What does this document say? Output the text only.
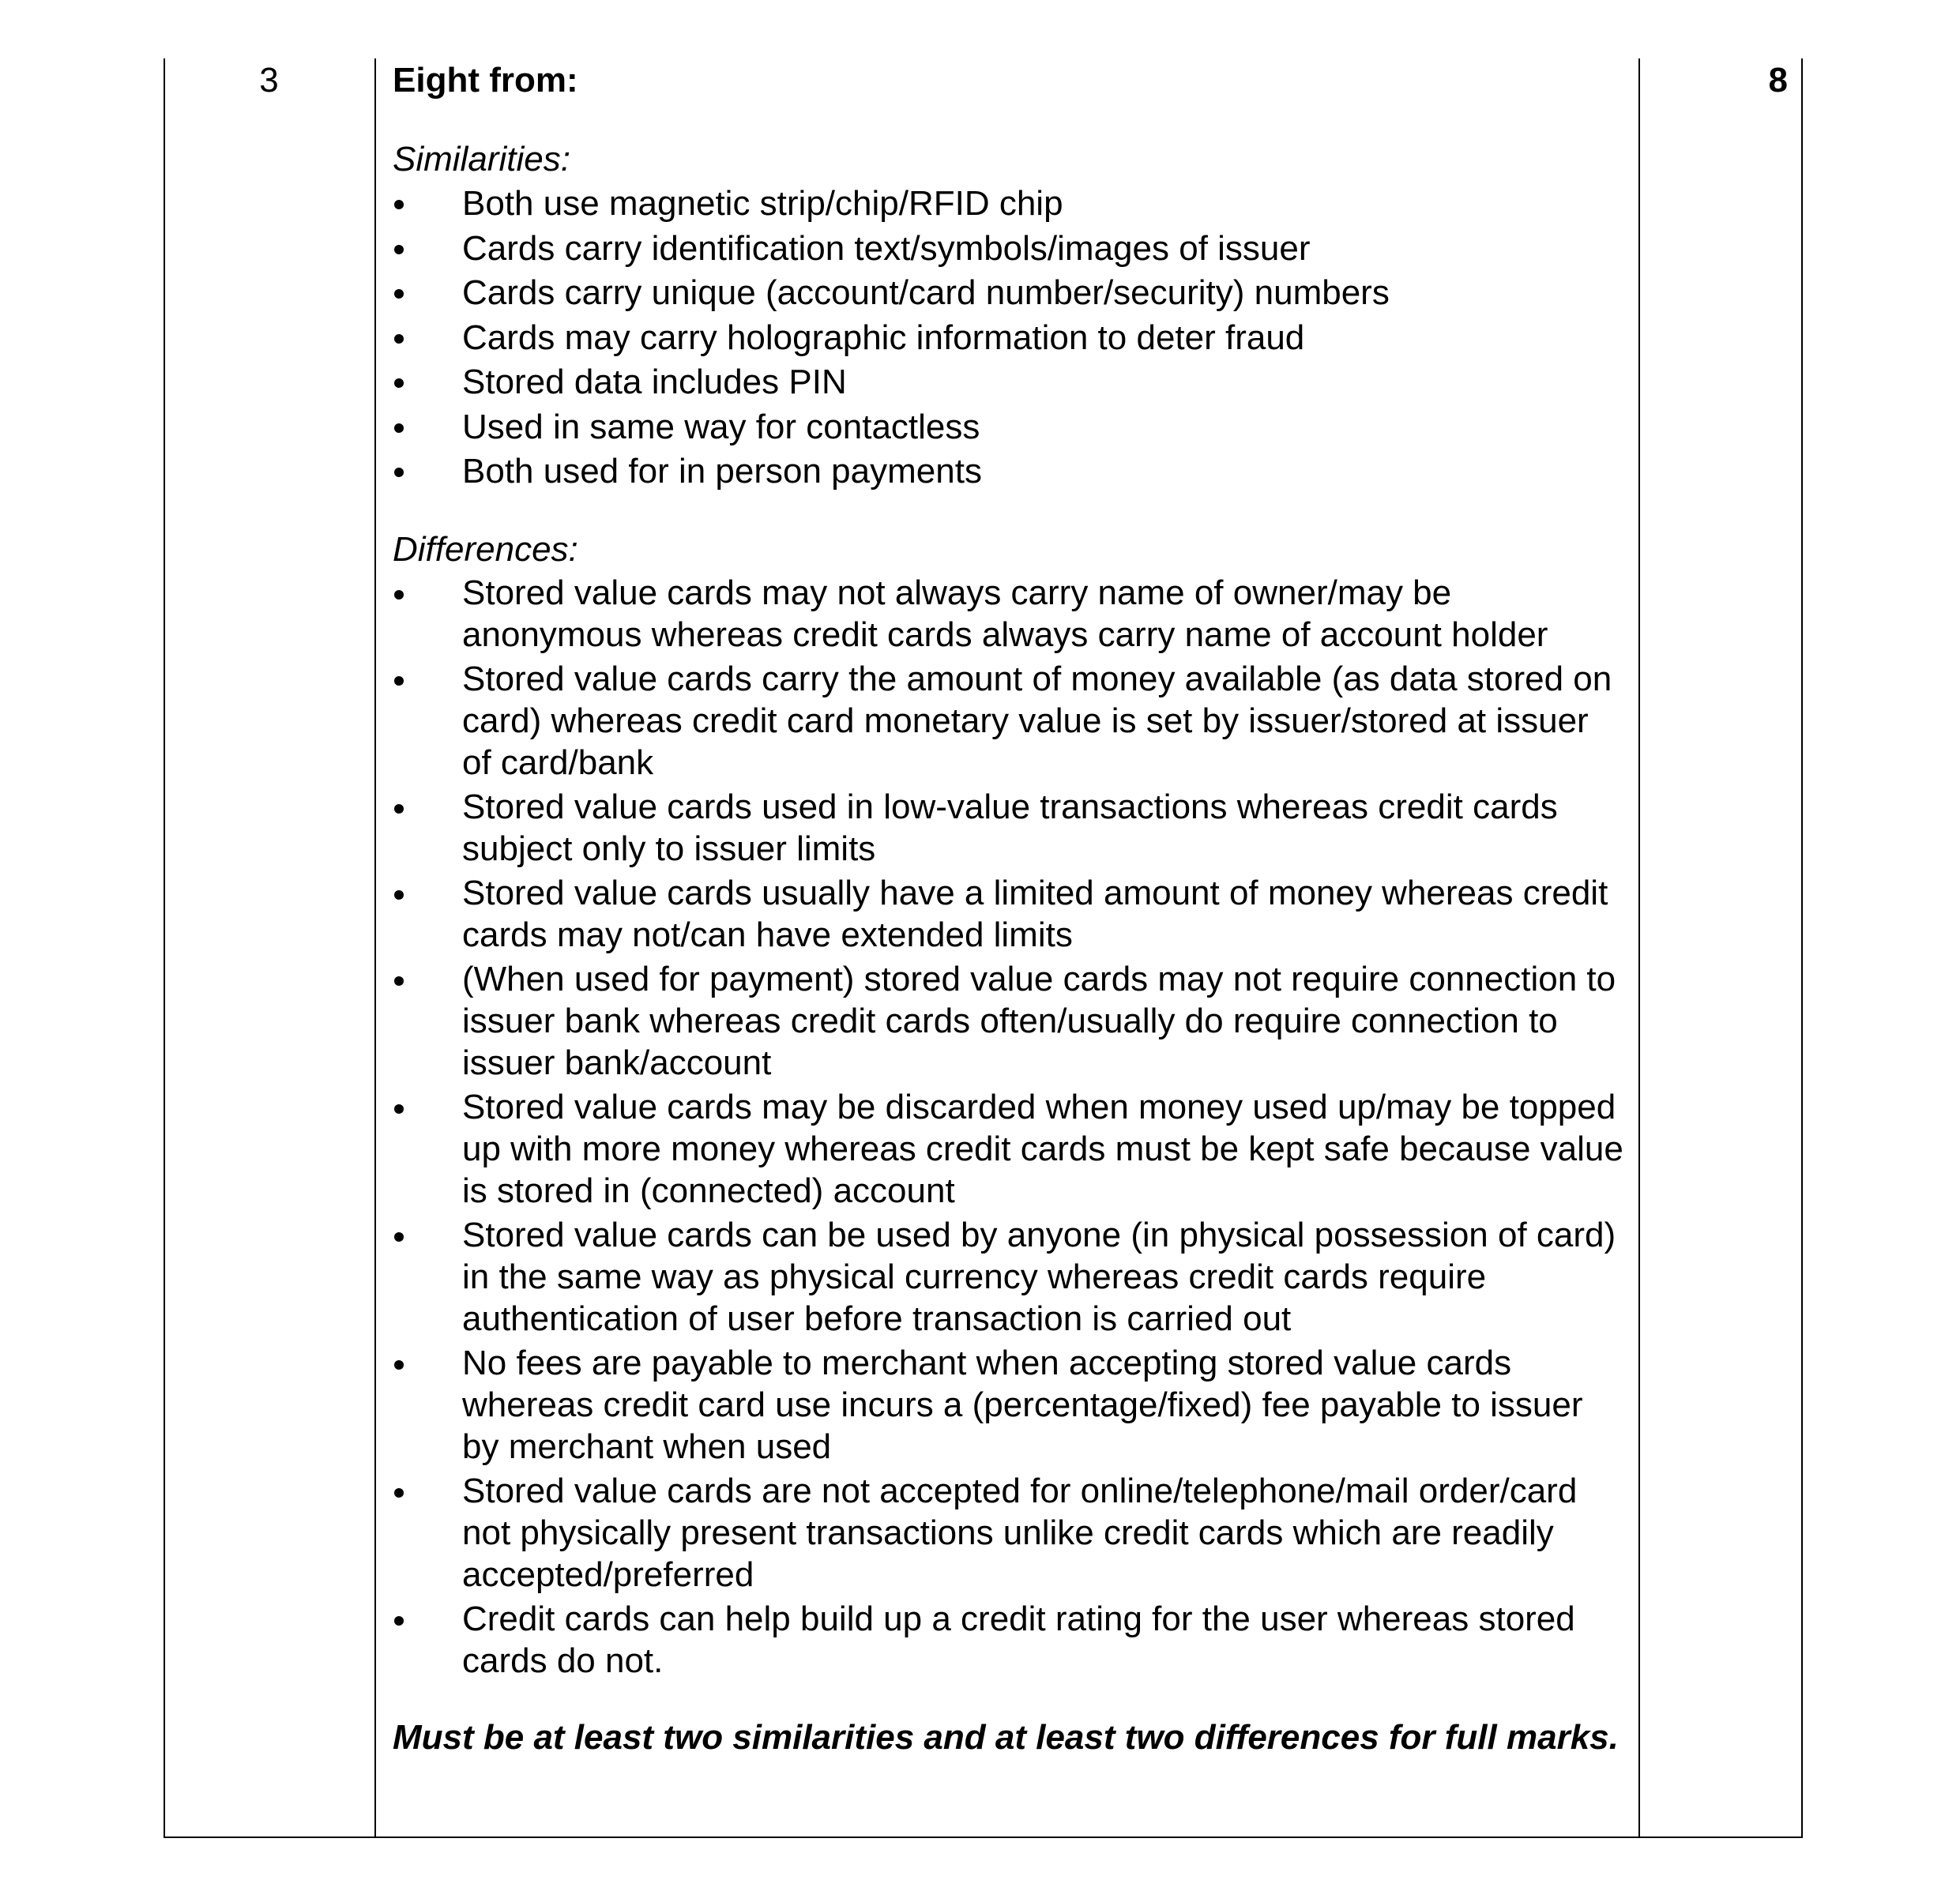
3	Eight from:

Similarities:

Both use magnetic strip/chip/RFID chip
Cards carry identification text/symbols/images of issuer
Cards carry unique (account/card number/security) numbers
Cards may carry holographic information to deter fraud
Stored data includes PIN
Used in same way for contactless
Both used for in person payments

Differences:

Stored value cards may not always carry name of owner/may be anonymous whereas credit cards always carry name of account holder
Stored value cards carry the amount of money available (as data stored on card) whereas credit card monetary value is set by issuer/stored at issuer of card/bank
Stored value cards used in low-value transactions whereas credit cards subject only to issuer limits
Stored value cards usually have a limited amount of money whereas credit cards may not/can have extended limits
(When used for payment) stored value cards may not require connection to issuer bank whereas credit cards often/usually do require connection to issuer bank/account
Stored value cards may be discarded when money used up/may be topped up with more money whereas credit cards must be kept safe because value is stored in (connected) account
Stored value cards can be used by anyone (in physical possession of card) in the same way as physical currency whereas credit cards require authentication of user before transaction is carried out
No fees are payable to merchant when accepting stored value cards whereas credit card use incurs a (percentage/fixed) fee payable to issuer by merchant when used
Stored value cards are not accepted for online/telephone/mail order/card not physically present transactions unlike credit cards which are readily accepted/preferred
Credit cards can help build up a credit rating for the user whereas stored cards do not.

Must be at least two similarities and at least two differences for full marks.

8
